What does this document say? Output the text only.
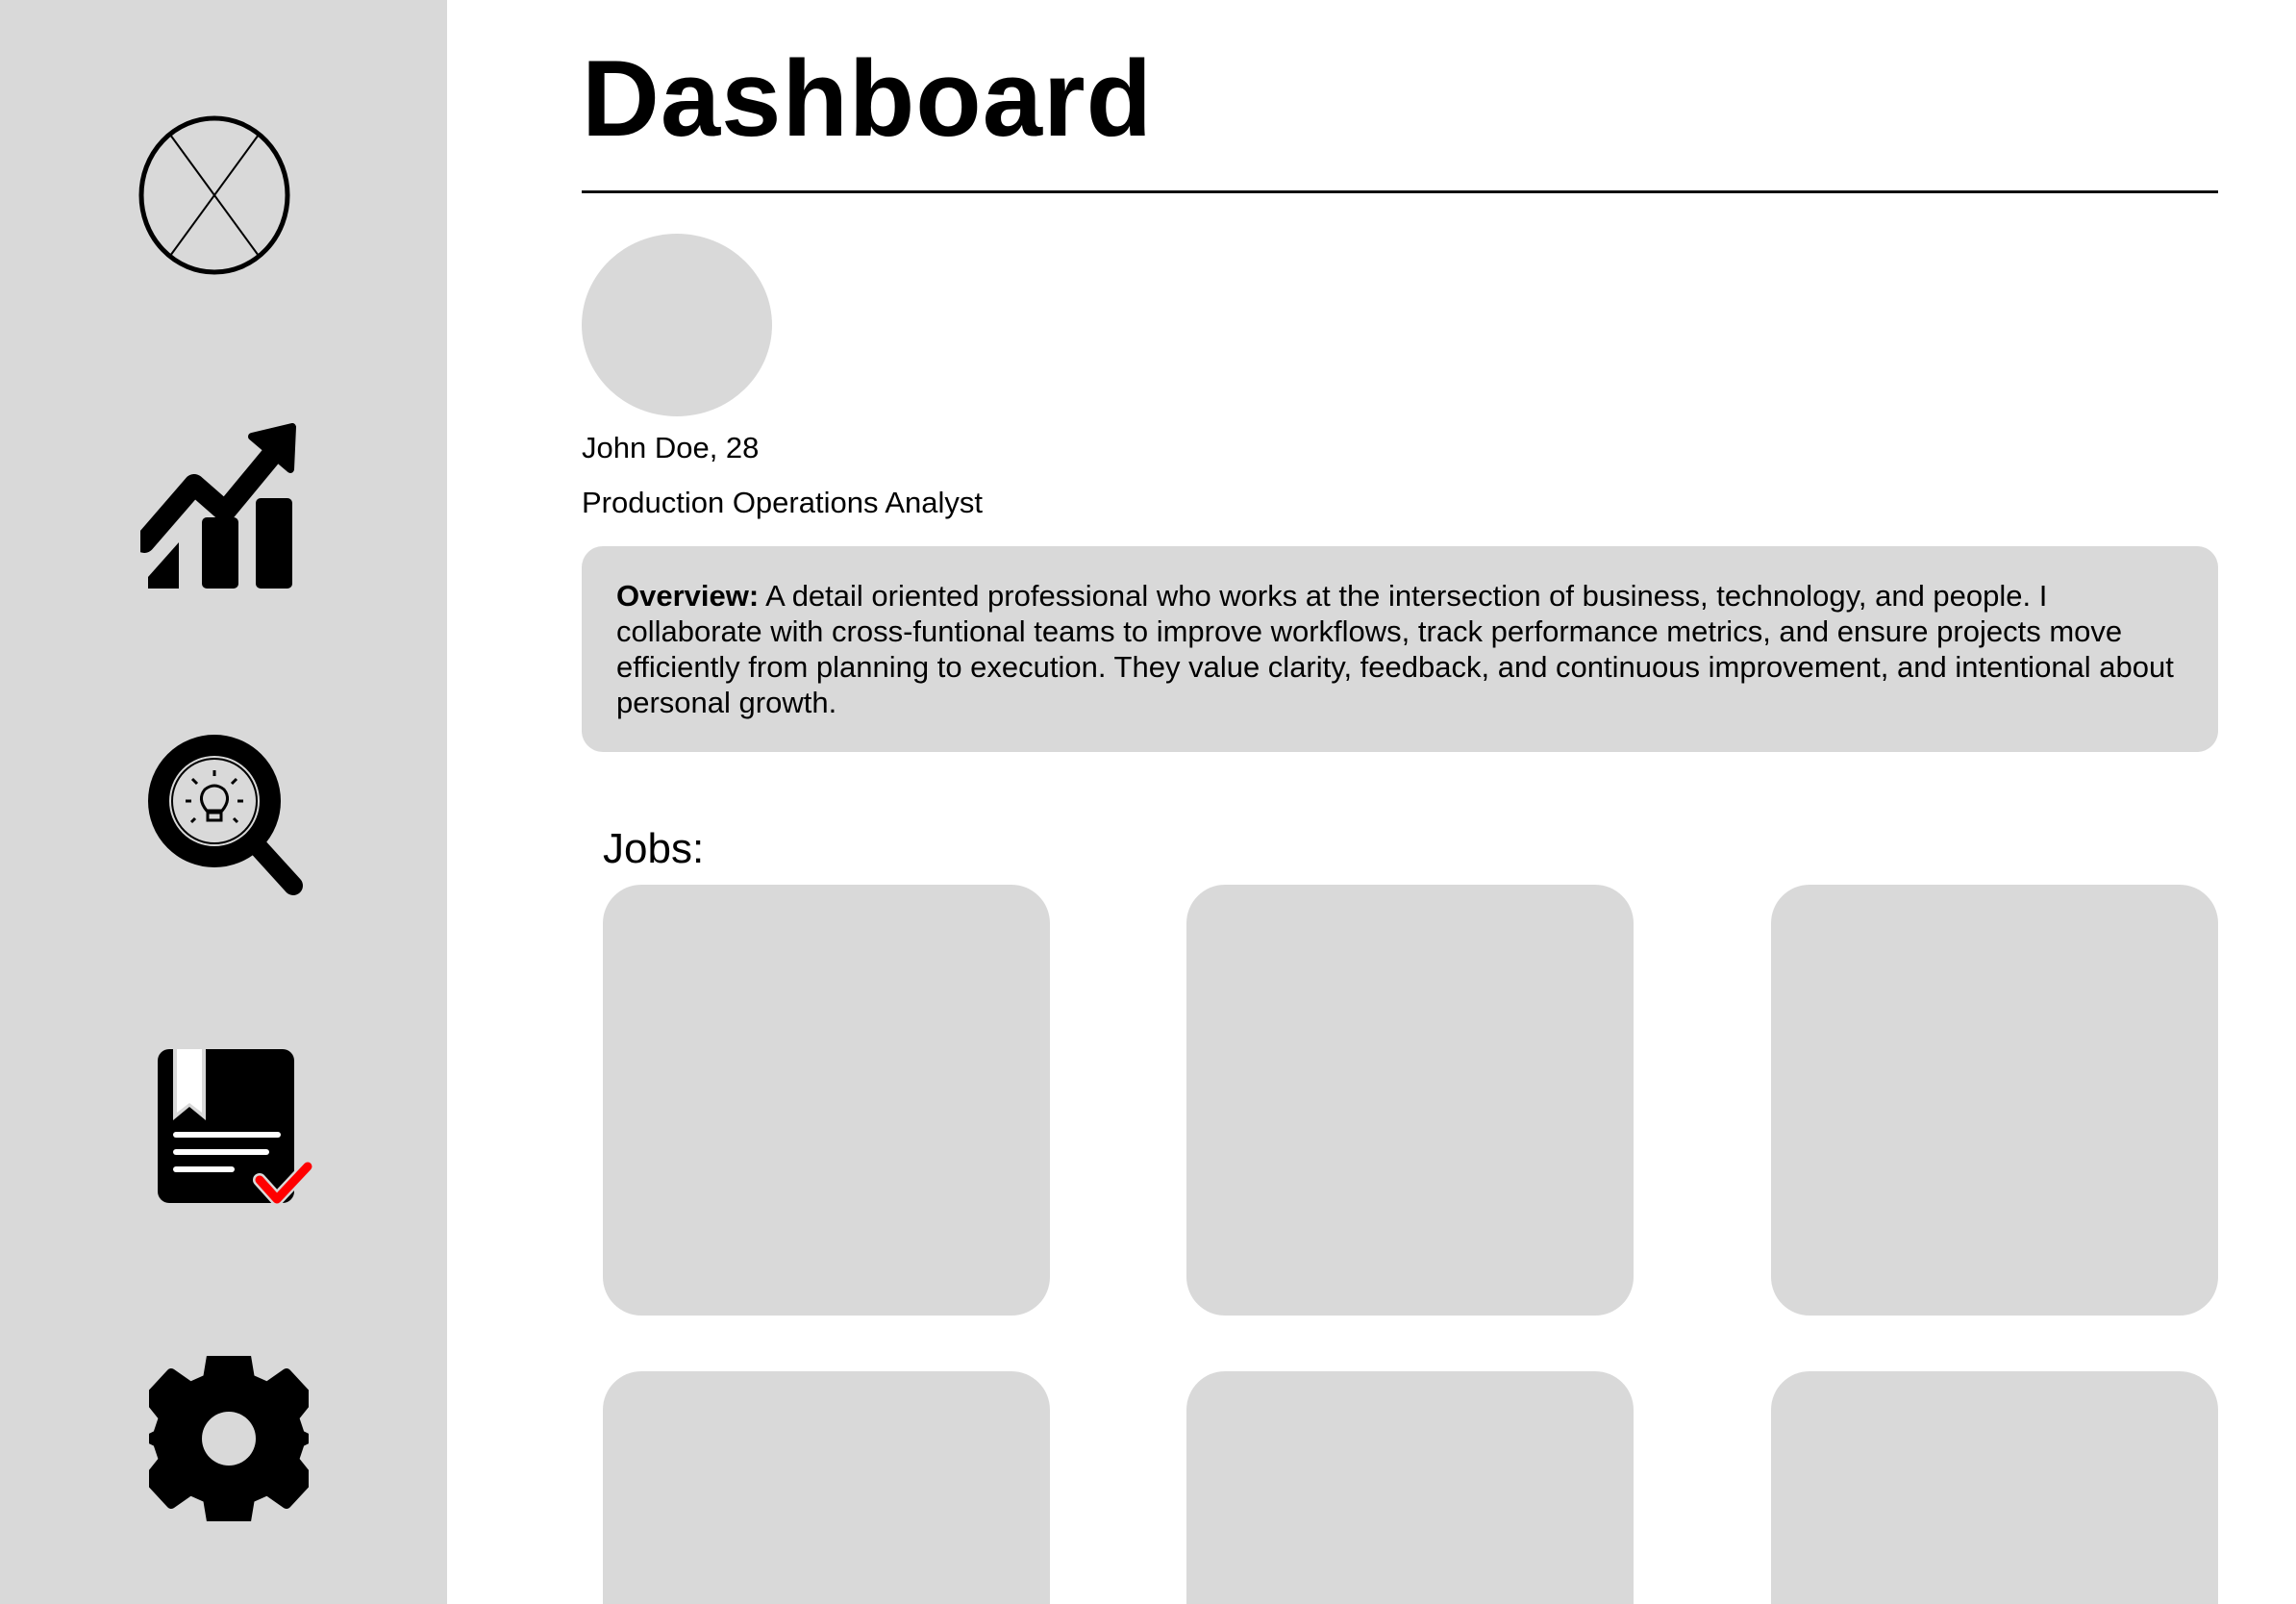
Dashboard
John Doe, 28
Production Operations Analyst
Overview: A detail oriented professional who works at the intersection of business, technology, and people. I collaborate with cross-funtional teams to improve workflows, track performance metrics, and ensure projects move efficiently from planning to execution. They value clarity, feedback, and continuous improvement, and intentional about personal growth.
Jobs:
